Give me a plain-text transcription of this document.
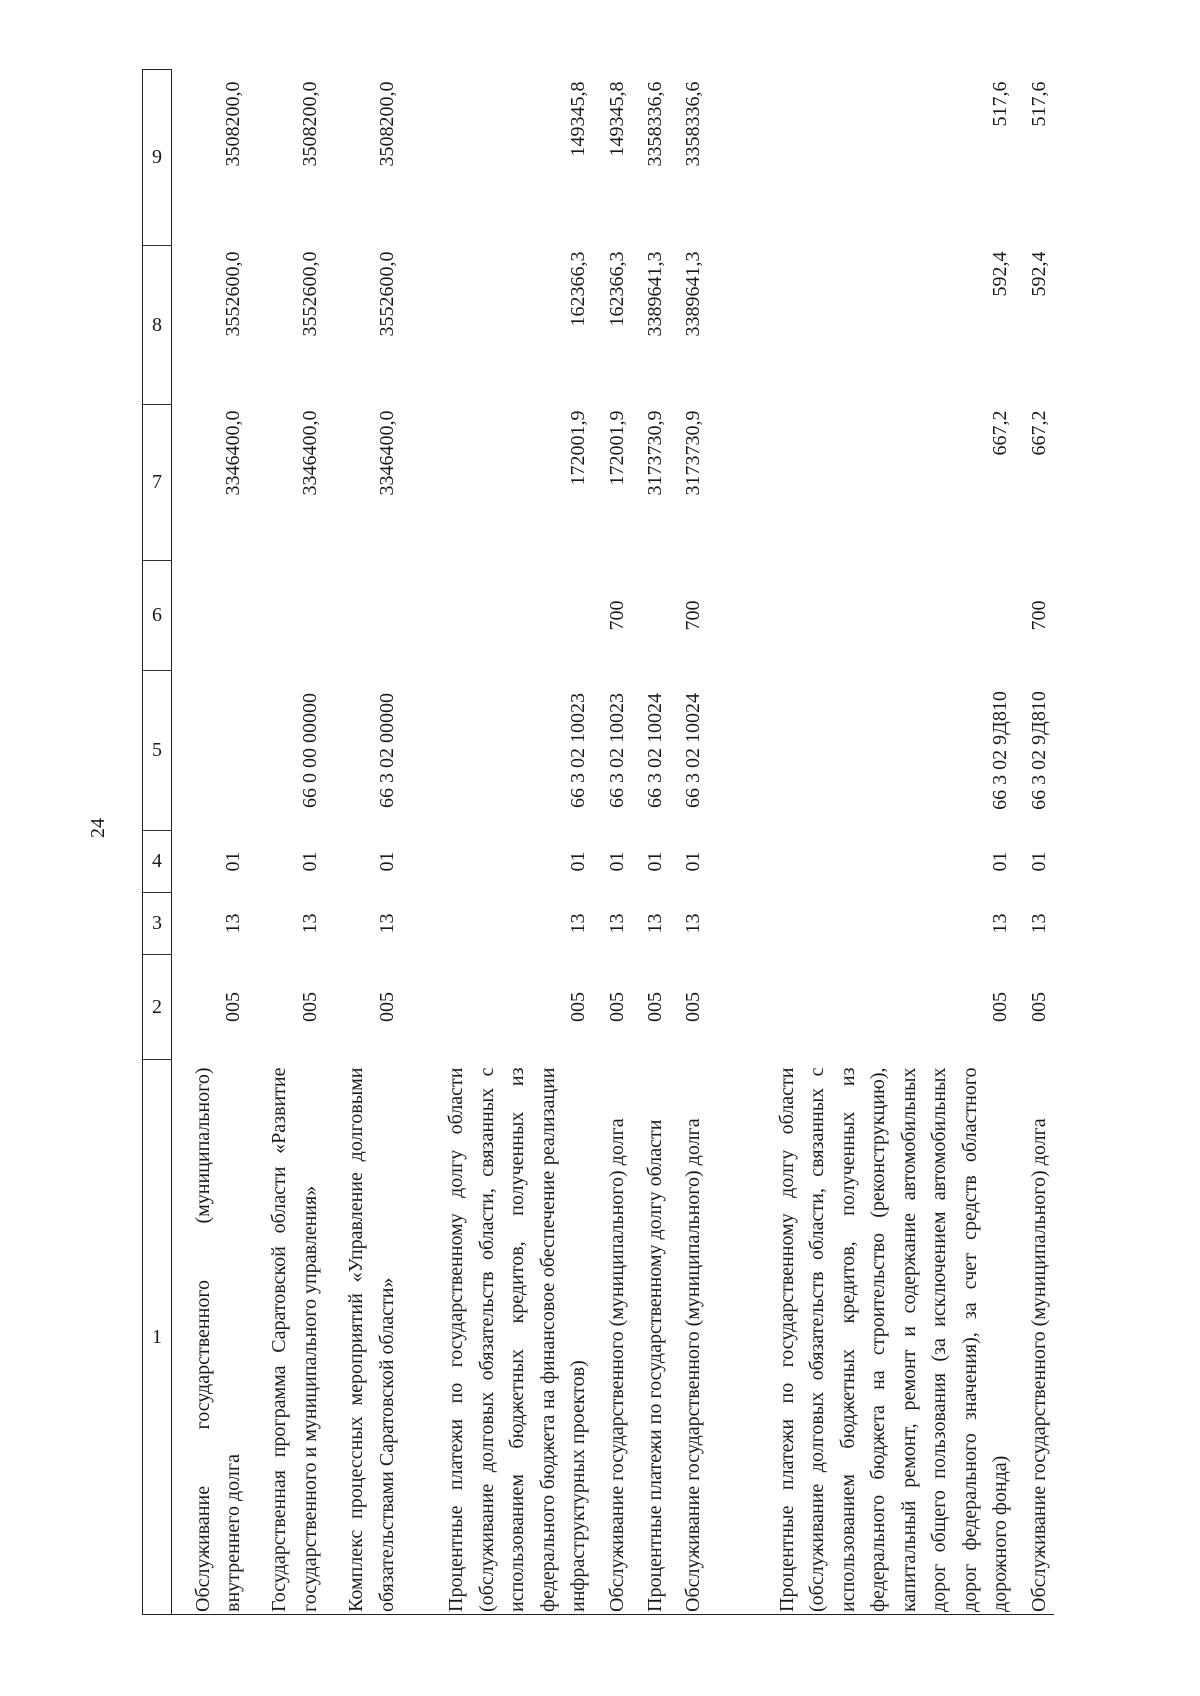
24
1	2	3	4	5	6	7	8	9
Обслуживание государственного (муниципального) внутреннего долга	005	13	01			3346400,0	3552600,0	3508200,0
Государственная программа Саратовской области «Развитие государственного и муниципального управления»	005	13	01	66 0 00 00000		3346400,0	3552600,0	3508200,0
Комплекс процессных мероприятий «Управление долговыми обязательствами Саратовской области»	005	13	01	66 3 02 00000		3346400,0	3552600,0	3508200,0
Процентные платежи по государственному долгу области (обслуживание долговых обязательств области, связанных с использованием бюджетных кредитов, полученных из федерального бюджета на финансовое обеспечение реализации инфраструктурных проектов)	005	13	01	66 3 02 10023		172001,9	162366,3	149345,8
Обслуживание государственного (муниципального) долга	005	13	01	66 3 02 10023	700	172001,9	162366,3	149345,8
Процентные платежи по государственному долгу области	005	13	01	66 3 02 10024		3173730,9	3389641,3	3358336,6
Обслуживание государственного (муниципального) долга	005	13	01	66 3 02 10024	700	3173730,9	3389641,3	3358336,6
Процентные платежи по государственному долгу области (обслуживание долговых обязательств области, связанных с использованием бюджетных кредитов, полученных из федерального бюджета на строительство (реконструкцию), капитальный ремонт, ремонт и содержание автомобильных дорог общего пользования (за исключением автомобильных дорог федерального значения), за счет средств областного дорожного фонда)	005	13	01	66 3 02 9Д810		667,2	592,4	517,6
Обслуживание государственного (муниципального) долга	005	13	01	66 3 02 9Д810	700	667,2	592,4	517,6
